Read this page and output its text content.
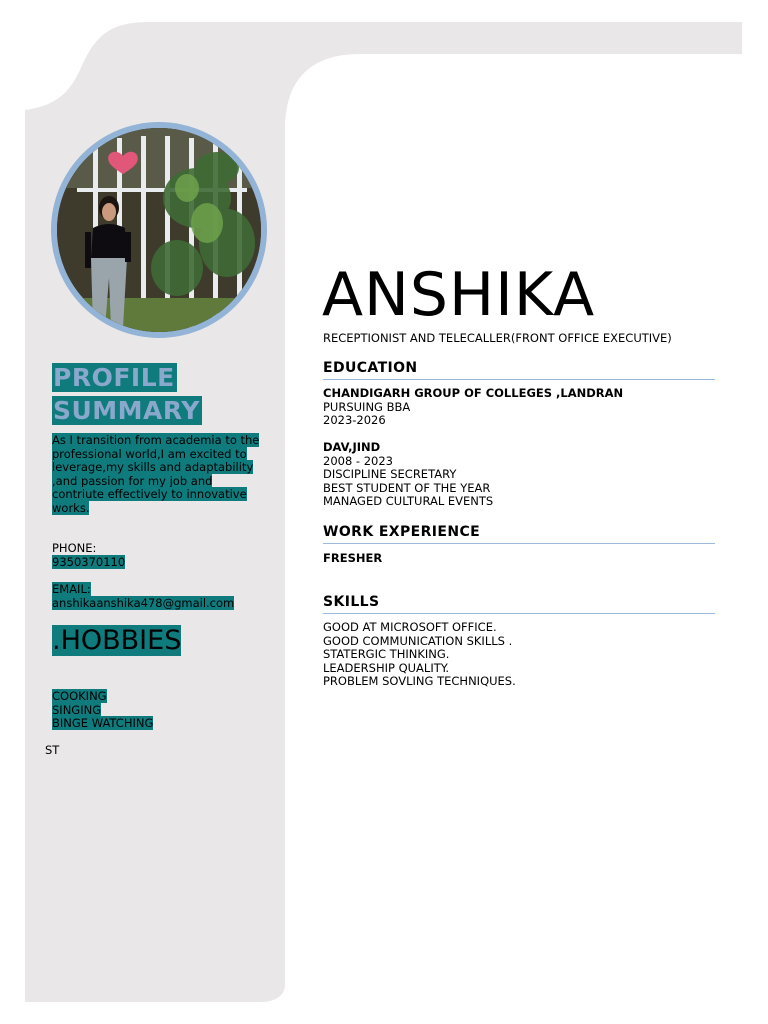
PROFILE
SUMMARY
As I transition from academia to the professional world,I am excited to leverage,my skills and adaptability ,and passion for my job and contriute effectively to innovative works.
PHONE:
9350370110
EMAIL:
anshikaanshika478@gmail.com
.HOBBIES
COOKING
SINGING
BINGE WATCHING
ST
ANSHIKA
RECEPTIONIST AND TELECALLER(FRONT OFFICE EXECUTIVE)
EDUCATION
CHANDIGARH GROUP OF COLLEGES ,LANDRAN
PURSUING BBA
2023-2026
DAV,JIND
2008 - 2023
DISCIPLINE SECRETARY
BEST STUDENT OF THE YEAR
MANAGED CULTURAL EVENTS
WORK EXPERIENCE
FRESHER
SKILLS
GOOD AT MICROSOFT OFFICE.
GOOD COMMUNICATION SKILLS .
STATERGIC THINKING.
LEADERSHIP QUALITY.
PROBLEM SOVLING TECHNIQUES.
